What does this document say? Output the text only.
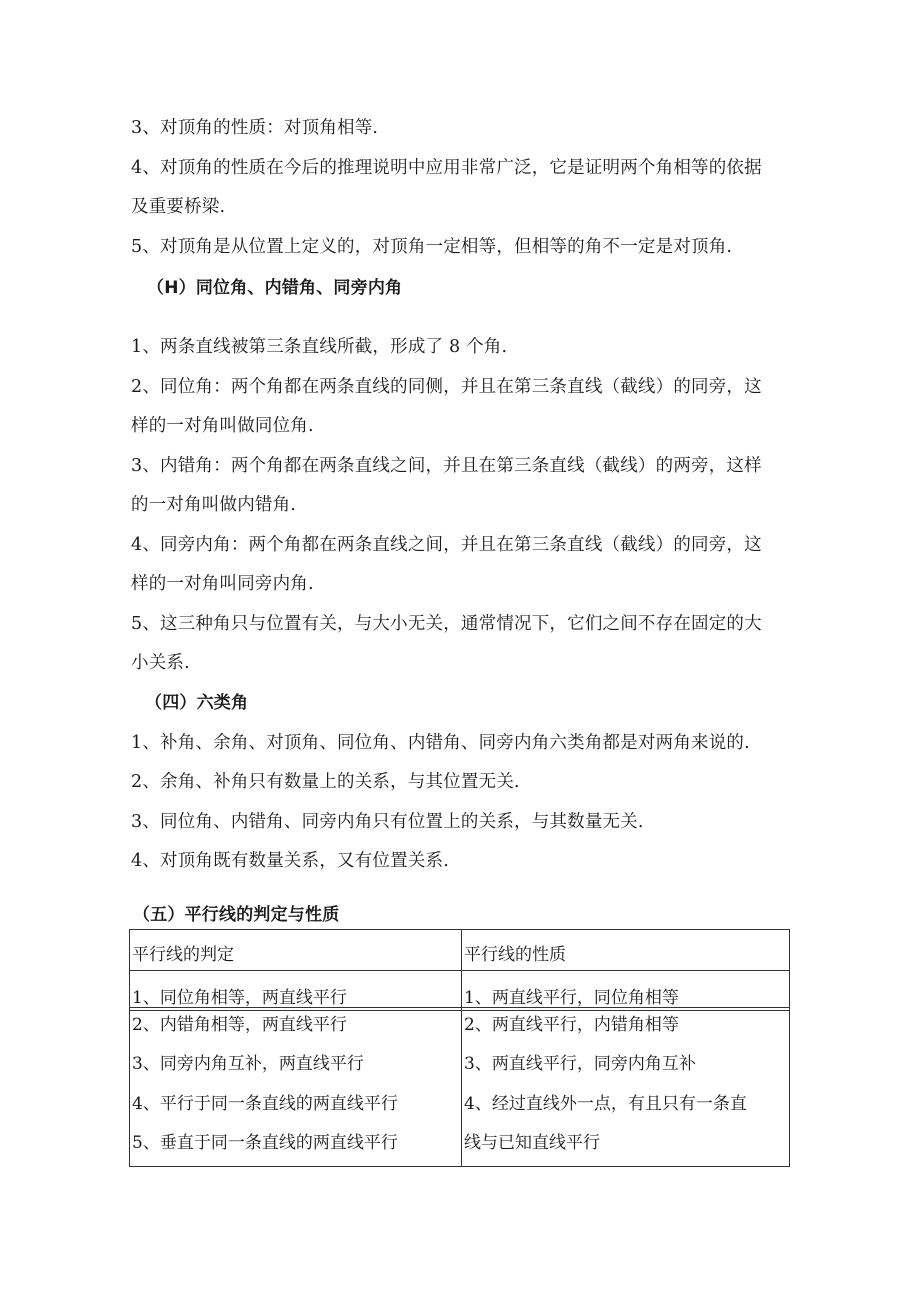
3、对顶角的性质：对顶角相等.
4、对顶角的性质在今后的推理说明中应用非常广泛，它是证明两个角相等的依据
及重要桥梁.
5、对顶角是从位置上定义的，对顶角一定相等，但相等的角不一定是对顶角.
（H）同位角、内错角、同旁内角
1、两条直线被第三条直线所截，形成了 8 个角.
2、同位角：两个角都在两条直线的同侧，并且在第三条直线（截线）的同旁，这
样的一对角叫做同位角.
3、内错角：两个角都在两条直线之间，并且在第三条直线（截线）的两旁，这样
的一对角叫做内错角.
4、同旁内角：两个角都在两条直线之间，并且在第三条直线（截线）的同旁，这
样的一对角叫同旁内角.
5、这三种角只与位置有关，与大小无关，通常情况下，它们之间不存在固定的大
小关系.
（四）六类角
1、补角、余角、对顶角、同位角、内错角、同旁内角六类角都是对两角来说的.
2、余角、补角只有数量上的关系，与其位置无关.
3、同位角、内错角、同旁内角只有位置上的关系，与其数量无关.
4、对顶角既有数量关系，又有位置关系.
（五）平行线的判定与性质
平行线的判定	平行线的性质
1、同位角相等，两直线平行
2、内错角相等，两直线平行
3、同旁内角互补，两直线平行
4、平行于同一条直线的两直线平行
5、垂直于同一条直线的两直线平行
1、两直线平行，同位角相等
2、两直线平行，内错角相等
3、两直线平行，同旁内角互补
4、经过直线外一点，有且只有一条直
线与已知直线平行
